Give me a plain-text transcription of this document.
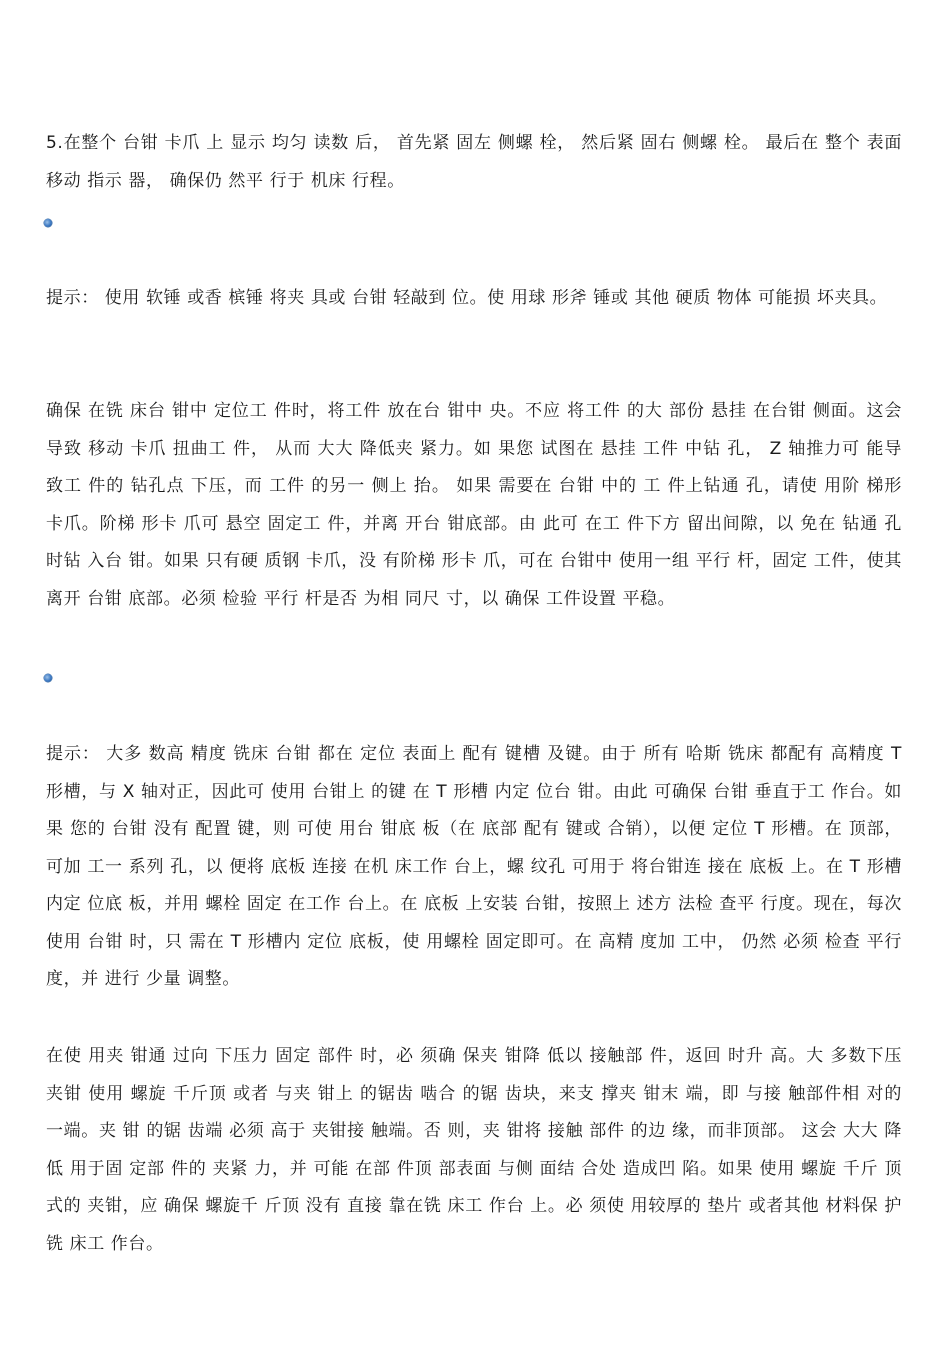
5.在整个 台钳 卡爪 上 显示 均匀 读数 后， 首先紧 固左 侧螺 栓， 然后紧 固右 侧螺 栓。 最后在 整个 表面 移动 指示 器， 确保仍 然平 行于 机床 行程。

提示： 使用 软锤 或香 槟锤 将夹 具或 台钳 轻敲到 位。使 用球 形斧 锤或 其他 硬质 物体 可能损 坏夹具。

确保 在铣 床台 钳中 定位工 件时，将工件 放在台 钳中 央。不应 将工件 的大 部份 悬挂 在台钳 侧面。这会 导致 移动 卡爪 扭曲工 件， 从而 大大 降低夹 紧力。如 果您 试图在 悬挂 工件 中钻 孔， Z 轴推力可 能导 致工 件的 钻孔点 下压，而 工件 的另一 侧上 抬。 如果 需要在 台钳 中的 工 件上钻通 孔，请使 用阶 梯形 卡爪。阶梯 形卡 爪可 悬空 固定工 件，并离 开台 钳底部。由 此可 在工 件下方 留出间隙，以 免在 钻通 孔时钻 入台 钳。如果 只有硬 质钢 卡爪，没 有阶梯 形卡 爪，可在 台钳中 使用一组 平行 杆，固定 工件，使其 离开 台钳 底部。必须 检验 平行 杆是否 为相 同尺 寸，以 确保 工件设置 平稳。

提示： 大多 数高 精度 铣床 台钳 都在 定位 表面上 配有 键槽 及键。由于 所有 哈斯 铣床 都配有 高精度 T 形槽，与 X 轴对正，因此可 使用 台钳上 的键 在 T 形槽 内定 位台 钳。由此 可确保 台钳 垂直于工 作台。如果 您的 台钳 没有 配置 键，则 可使 用台 钳底 板（在 底部 配有 键或 合销），以便 定位 T 形槽。在 顶部，可加 工一 系列 孔，以 便将 底板 连接 在机 床工作 台上，螺 纹孔 可用于 将台钳连 接在 底板 上。在 T 形槽 内定 位底 板，并用 螺栓 固定 在工作 台上。在 底板 上安装 台钳，按照上 述方 法检 查平 行度。现在，每次 使用 台钳 时，只 需在 T 形槽内 定位 底板，使 用螺栓 固定即可。在 高精 度加 工中， 仍然 必须 检查 平行度，并 进行 少量 调整。

在使 用夹 钳通 过向 下压力 固定 部件 时，必 须确 保夹 钳降 低以 接触部 件，返回 时升 高。大 多数下压 夹钳 使用 螺旋 千斤顶 或者 与夹 钳上 的锯齿 啮合 的锯 齿块，来支 撑夹 钳末 端，即 与接 触部件相 对的 一端。夹 钳 的锯 齿端 必须 高于 夹钳接 触端。否 则，夹 钳将 接触 部件 的边 缘，而非顶部。 这会 大大 降低 用于固 定部 件的 夹紧 力，并 可能 在部 件顶 部表面 与侧 面结 合处 造成凹 陷。如果 使用 螺旋 千斤 顶式的 夹钳，应 确保 螺旋千 斤顶 没有 直接 靠在铣 床工 作台 上。必 须使 用较厚的 垫片 或者其他 材料保 护铣 床工 作台。
